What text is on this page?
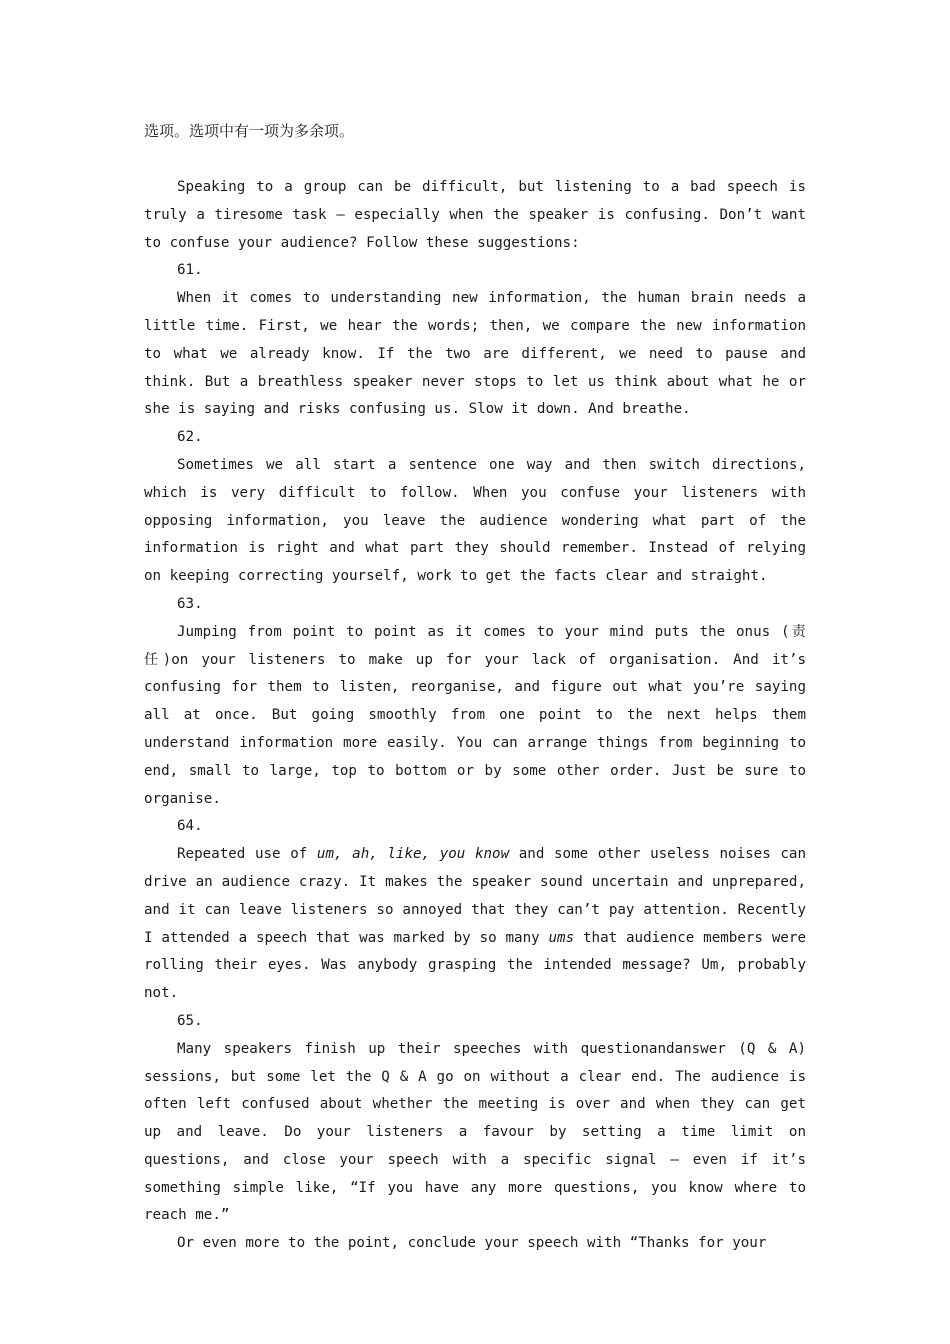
选项。选项中有一项为多余项。

Speaking to a group can be difficult, but listening to a bad speech is truly a tiresome task — especially when the speaker is confusing. Don’t want to confuse your audience? Follow these suggestions:

61.

When it comes to understanding new information, the human brain needs a little time. First, we hear the words; then, we compare the new information to what we already know. If the two are different, we need to pause and think. But a breathless speaker never stops to let us think about what he or she is saying and risks confusing us. Slow it down. And breathe.

62.

Sometimes we all start a sentence one way and then switch directions, which is very difficult to follow. When you confuse your listeners with opposing information, you leave the audience wondering what part of the information is right and what part they should remember. Instead of relying on keeping correcting yourself, work to get the facts clear and straight.

63.

Jumping from point to point as it comes to your mind puts the onus (责任)on your listeners to make up for your lack of organisation. And it’s confusing for them to listen, reorganise, and figure out what you’re saying all at once. But going smoothly from one point to the next helps them understand information more easily. You can arrange things from beginning to end, small to large, top to bottom or by some other order. Just be sure to organise.

64.

Repeated use of um, ah, like, you know and some other useless noises can drive an audience crazy. It makes the speaker sound uncertain and unprepared, and it can leave listeners so annoyed that they can’t pay attention. Recently I attended a speech that was marked by so many ums that audience members were rolling their eyes. Was anybody grasping the intended message? Um, probably not.

65.

Many speakers finish up their speeches with questionandanswer (Q & A) sessions, but some let the Q & A go on without a clear end. The audience is often left confused about whether the meeting is over and when they can get up and leave. Do your listeners a favour by setting a time limit on questions, and close your speech with a specific signal — even if it’s something simple like, “If you have any more questions, you know where to reach me.”

Or even more to the point, conclude your speech with “Thanks for your
